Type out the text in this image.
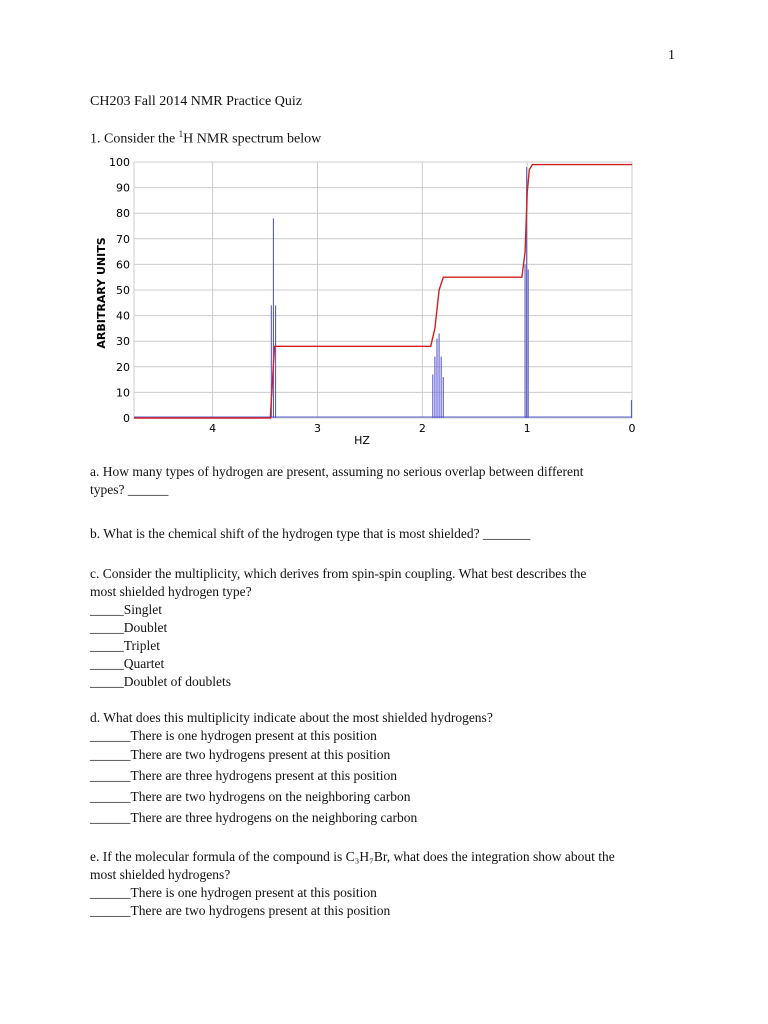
1
CH203 Fall 2014 NMR Practice Quiz
1. Consider the $^1$H NMR spectrum below
0
10
20
30
40
50
60
70
80
90
100
4	3	2	1	0
HZ
ARBITRARY UNITS
a. How many types of hydrogen are present, assuming no serious overlap between different
types? ______
b. What is the chemical shift of the hydrogen type that is most shielded? _______
c. Consider the multiplicity, which derives from spin-spin coupling. What best describes the
most shielded hydrogen type?
_____Singlet
_____Doublet
_____Triplet
_____Quartet
_____Doublet of doublets
d. What does this multiplicity indicate about the most shielded hydrogens?
______There is one hydrogen present at this position
______There are two hydrogens present at this position
______There are three hydrogens present at this position
______There are two hydrogens on the neighboring carbon
______There are three hydrogens on the neighboring carbon
e. If the molecular formula of the compound is C₃H₇Br, what does the integration show about the
most shielded hydrogens?
______There is one hydrogen present at this position
______There are two hydrogens present at this position
